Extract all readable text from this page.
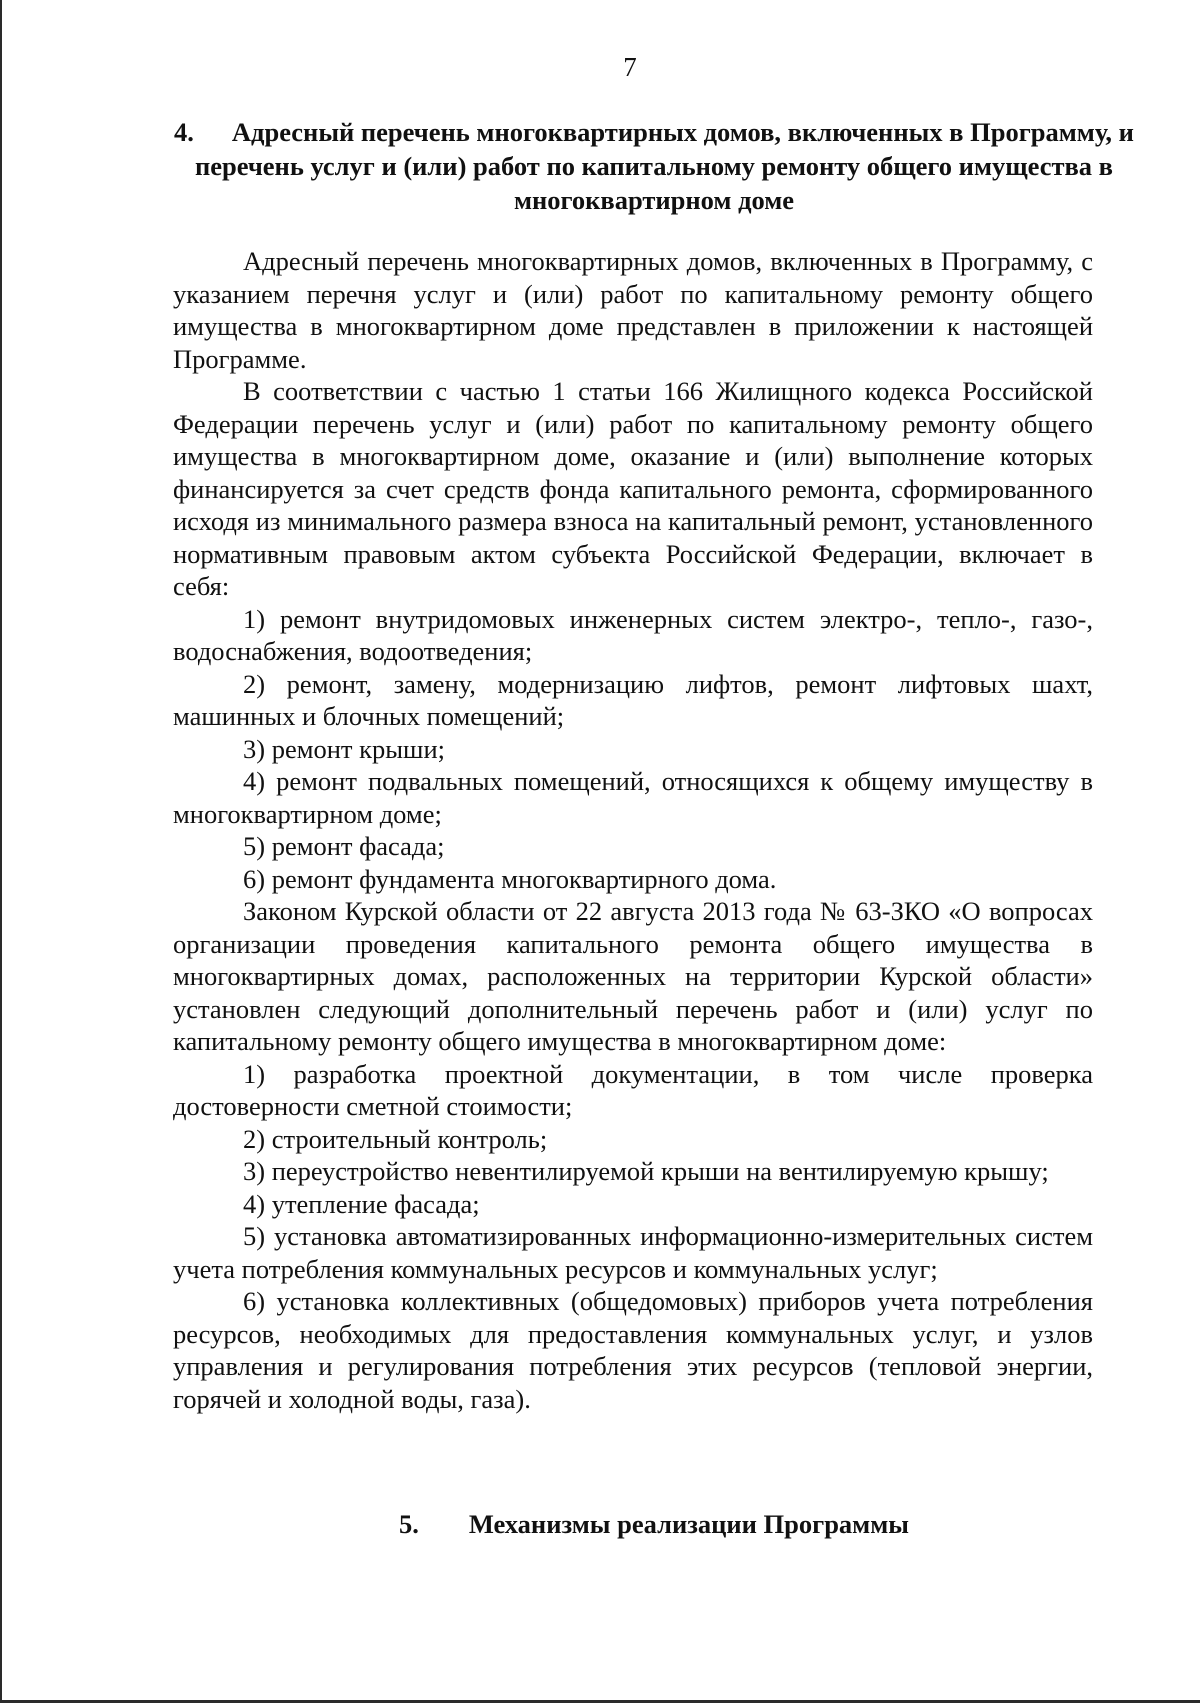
7
4. Адресный перечень многоквартирных домов, включенных в Программу, и перечень услуг и (или) работ по капитальному ремонту общего имущества в многоквартирном доме

Адресный перечень многоквартирных домов, включенных в Программу, с указанием перечня услуг и (или) работ по капитальному ремонту общего имущества в многоквартирном доме представлен в приложении к настоящей Программе.

В соответствии с частью 1 статьи 166 Жилищного кодекса Российской Федерации перечень услуг и (или) работ по капитальному ремонту общего имущества в многоквартирном доме, оказание и (или) выполнение которых финансируется за счет средств фонда капитального ремонта, сформированного исходя из минимального размера взноса на капитальный ремонт, установленного нормативным правовым актом субъекта Российской Федерации, включает в себя:

1) ремонт внутридомовых инженерных систем электро-, тепло-, газо-, водоснабжения, водоотведения;

2) ремонт, замену, модернизацию лифтов, ремонт лифтовых шахт, машинных и блочных помещений;

3) ремонт крыши;

4) ремонт подвальных помещений, относящихся к общему имуществу в многоквартирном доме;

5) ремонт фасада;

6) ремонт фундамента многоквартирного дома.

Законом Курской области от 22 августа 2013 года № 63-ЗКО «О вопросах организации проведения капитального ремонта общего имущества в многоквартирных домах, расположенных на территории Курской области» установлен следующий дополнительный перечень работ и (или) услуг по капитальному ремонту общего имущества в многоквартирном доме:

1) разработка проектной документации, в том числе проверка достоверности сметной стоимости;

2) строительный контроль;

3) переустройство невентилируемой крыши на вентилируемую крышу;

4) утепление фасада;

5) установка автоматизированных информационно-измерительных систем учета потребления коммунальных ресурсов и коммунальных услуг;

6) установка коллективных (общедомовых) приборов учета потребления ресурсов, необходимых для предоставления коммунальных услуг, и узлов управления и регулирования потребления этих ресурсов (тепловой энергии, горячей и холодной воды, газа).

5. Механизмы реализации Программы
